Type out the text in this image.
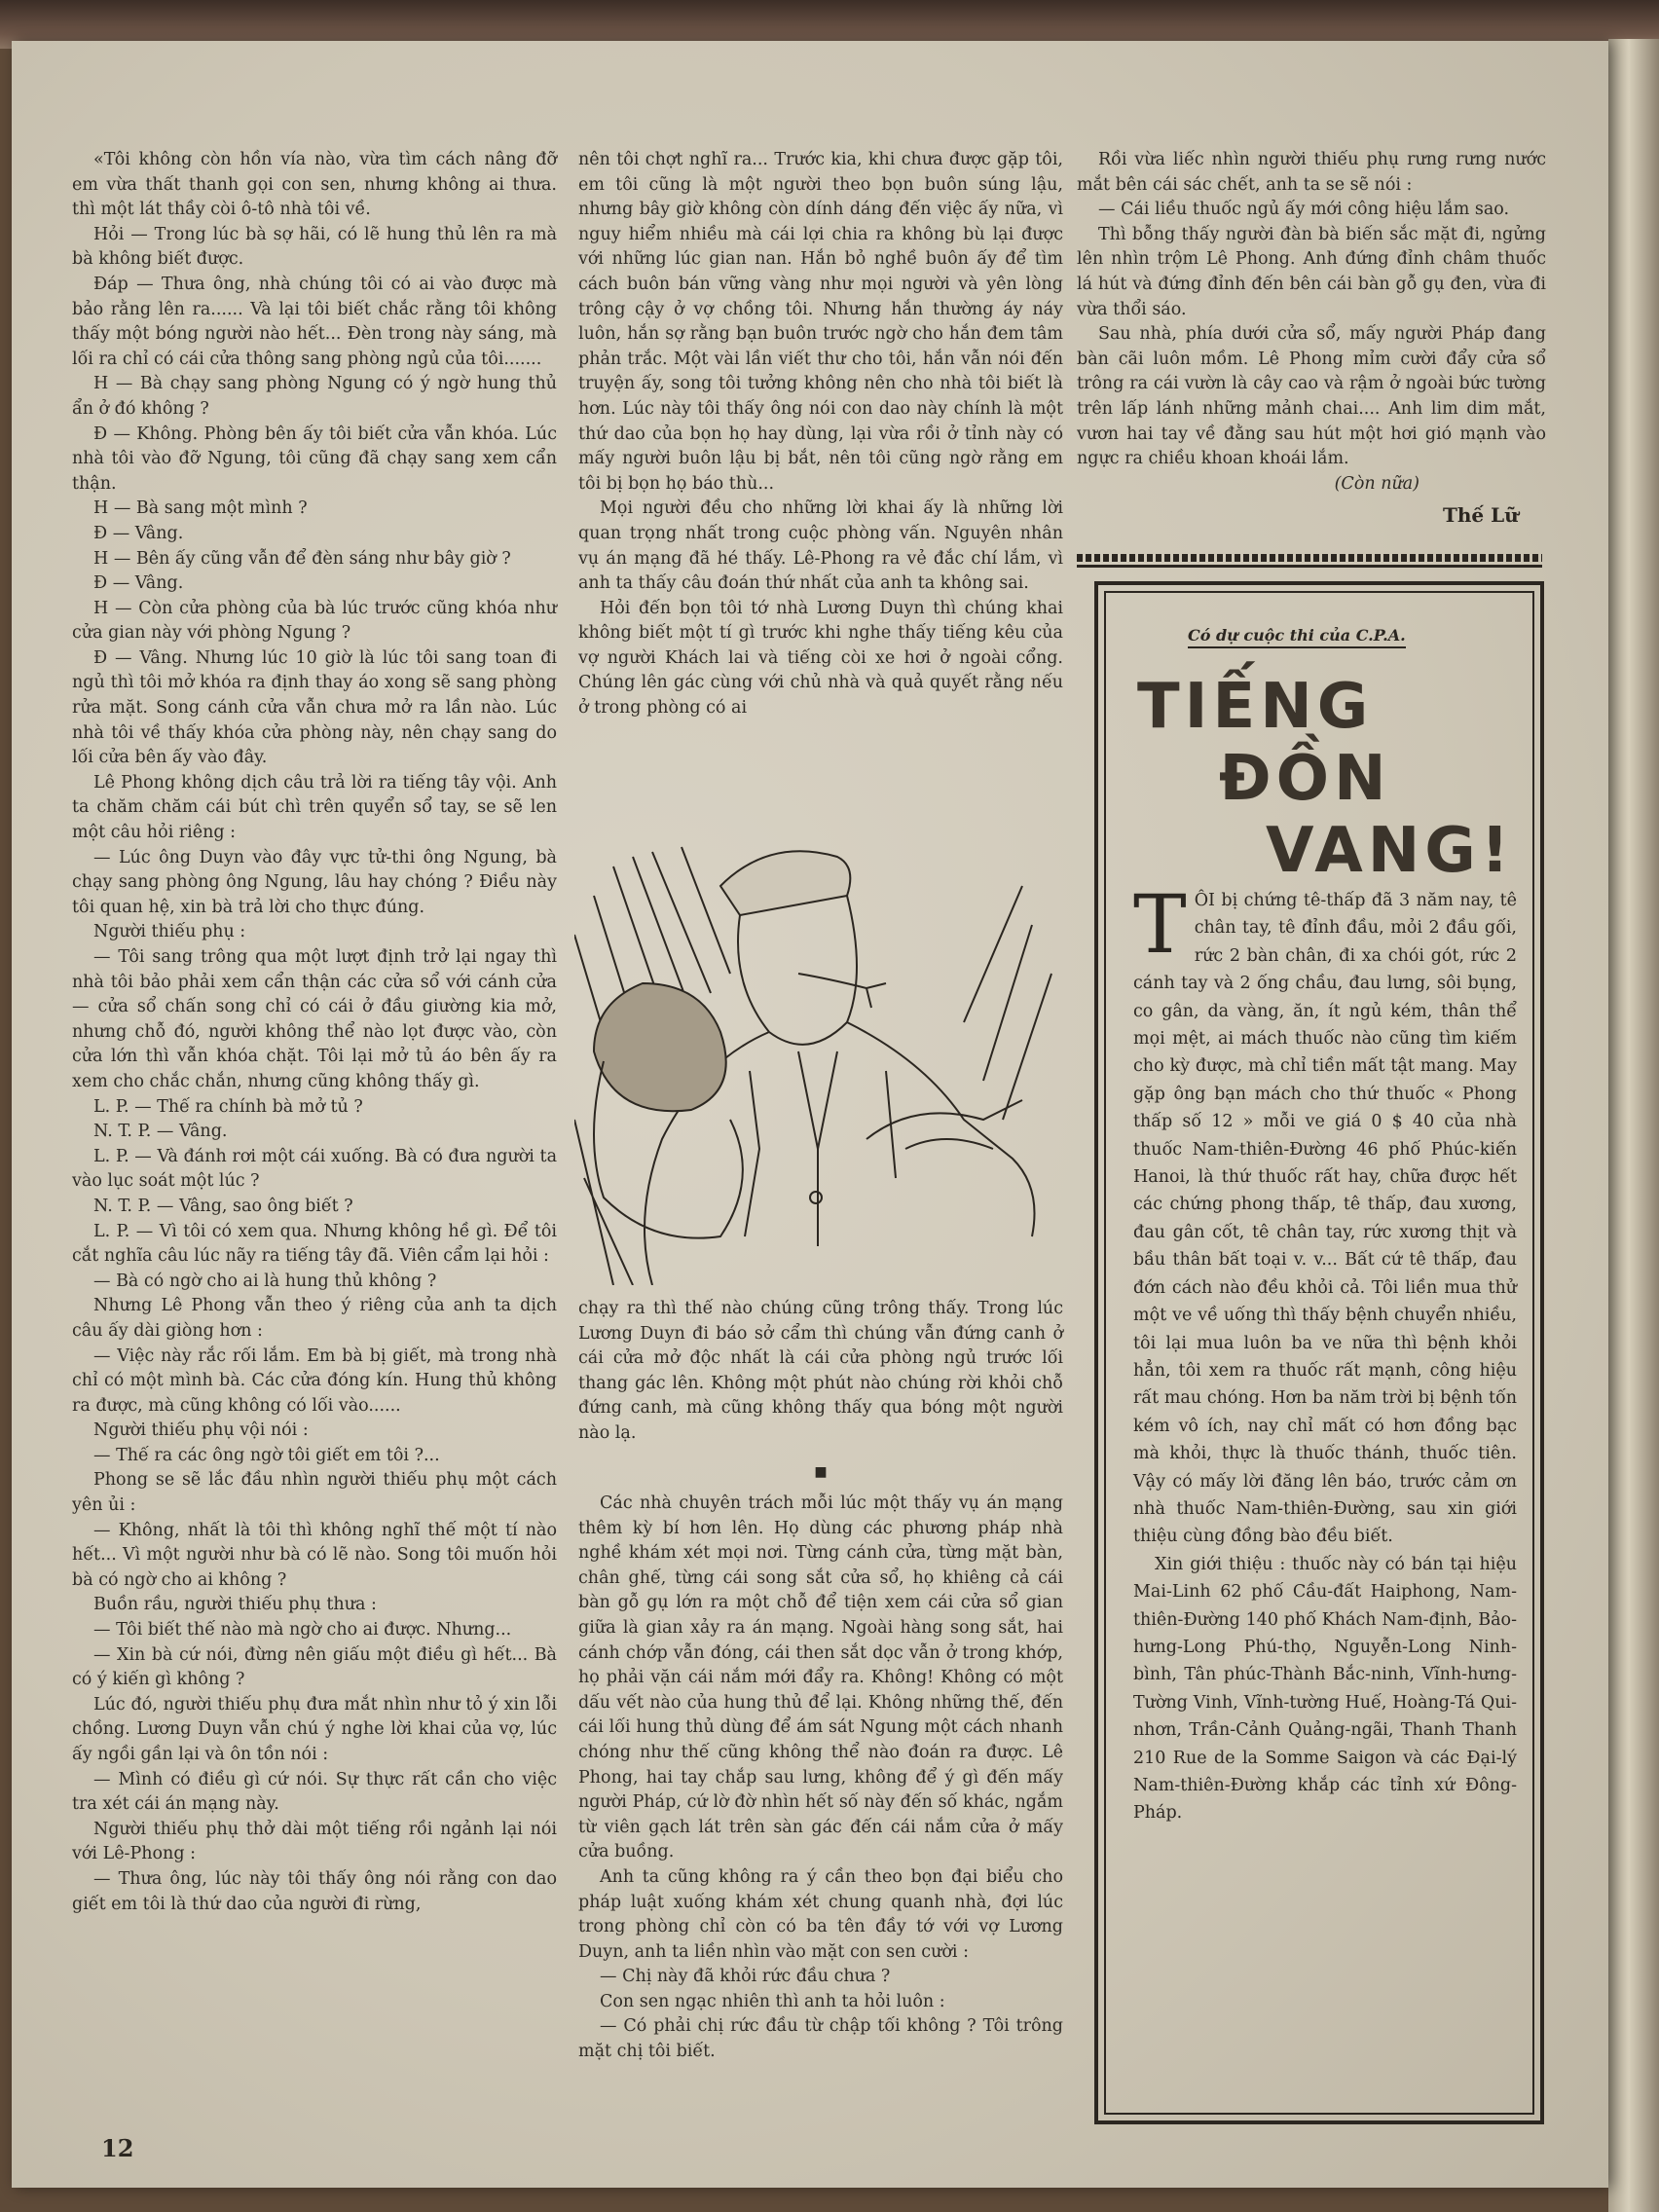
«Tôi không còn hồn vía nào, vừa tìm cách nâng đỡ em vừa thất thanh gọi con sen, nhưng không ai thưa. thì một lát thầy còi ô-tô nhà tôi về.

Hỏi — Trong lúc bà sợ hãi, có lẽ hung thủ lên ra mà bà không biết được.

Đáp — Thưa ông, nhà chúng tôi có ai vào được mà bảo rằng lên ra...... Và lại tôi biết chắc rằng tôi không thấy một bóng người nào hết... Đèn trong này sáng, mà lối ra chỉ có cái cửa thông sang phòng ngủ của tôi.......

H — Bà chạy sang phòng Ngung có ý ngờ hung thủ ẩn ở đó không ?

Đ — Không. Phòng bên ấy tôi biết cửa vẫn khóa. Lúc nhà tôi vào đỡ Ngung, tôi cũng đã chạy sang xem cẩn thận.

H — Bà sang một mình ?

Đ — Vâng.

H — Bên ấy cũng vẫn để đèn sáng như bây giờ ?

Đ — Vâng.

H — Còn cửa phòng của bà lúc trước cũng khóa như cửa gian này với phòng Ngung ?

Đ — Vâng. Nhưng lúc 10 giờ là lúc tôi sang toan đi ngủ thì tôi mở khóa ra định thay áo xong sẽ sang phòng rửa mặt. Song cánh cửa vẫn chưa mở ra lần nào. Lúc nhà tôi về thấy khóa cửa phòng này, nên chạy sang do lối cửa bên ấy vào đây.

Lê Phong không dịch câu trả lời ra tiếng tây vội. Anh ta chăm chăm cái bút chì trên quyển sổ tay, se sẽ len một câu hỏi riêng :

— Lúc ông Duyn vào đây vực tử-thi ông Ngung, bà chạy sang phòng ông Ngung, lâu hay chóng ? Điều này tôi quan hệ, xin bà trả lời cho thực đúng.

Người thiếu phụ :

— Tôi sang trông qua một lượt định trở lại ngay thì nhà tôi bảo phải xem cẩn thận các cửa sổ với cánh cửa — cửa sổ chấn song chỉ có cái ở đầu giường kia mở, nhưng chỗ đó, người không thể nào lọt được vào, còn cửa lớn thì vẫn khóa chặt. Tôi lại mở tủ áo bên ấy ra xem cho chắc chắn, nhưng cũng không thấy gì.

L. P. — Thế ra chính bà mở tủ ?

N. T. P. — Vâng.

L. P. — Và đánh rơi một cái xuống. Bà có đưa người ta vào lục soát một lúc ?

N. T. P. — Vâng, sao ông biết ?

L. P. — Vì tôi có xem qua. Nhưng không hề gì. Để tôi cắt nghĩa câu lúc nãy ra tiếng tây đã. Viên cẩm lại hỏi :

— Bà có ngờ cho ai là hung thủ không ?

Nhưng Lê Phong vẫn theo ý riêng của anh ta dịch câu ấy dài giòng hơn :

— Việc này rắc rối lắm. Em bà bị giết, mà trong nhà chỉ có một mình bà. Các cửa đóng kín. Hung thủ không ra được, mà cũng không có lối vào......

Người thiếu phụ vội nói :

— Thế ra các ông ngờ tôi giết em tôi ?...

Phong se sẽ lắc đầu nhìn người thiếu phụ một cách yên ủi :

— Không, nhất là tôi thì không nghĩ thế một tí nào hết... Vì một người như bà có lẽ nào. Song tôi muốn hỏi bà có ngờ cho ai không ?

Buồn rầu, người thiếu phụ thưa :

— Tôi biết thế nào mà ngờ cho ai được. Nhưng...

— Xin bà cứ nói, đừng nên giấu một điều gì hết... Bà có ý kiến gì không ?

Lúc đó, người thiếu phụ đưa mắt nhìn như tỏ ý xin lỗi chồng. Lương Duyn vẫn chú ý nghe lời khai của vợ, lúc ấy ngồi gần lại và ôn tồn nói :

— Mình có điều gì cứ nói. Sự thực rất cần cho việc tra xét cái án mạng này.

Người thiếu phụ thở dài một tiếng rồi ngảnh lại nói với Lê-Phong :

— Thưa ông, lúc này tôi thấy ông nói rằng con dao giết em tôi là thứ dao của người đi rừng,

nên tôi chợt nghĩ ra... Trước kia, khi chưa được gặp tôi, em tôi cũng là một người theo bọn buôn súng lậu, nhưng bây giờ không còn dính dáng đến việc ấy nữa, vì nguy hiểm nhiều mà cái lợi chia ra không bù lại được với những lúc gian nan. Hắn bỏ nghề buôn ấy để tìm cách buôn bán vững vàng như mọi người và yên lòng trông cậy ở vợ chồng tôi. Nhưng hắn thường áy náy luôn, hắn sợ rằng bạn buôn trước ngờ cho hắn đem tâm phản trắc. Một vài lần viết thư cho tôi, hắn vẫn nói đến truyện ấy, song tôi tưởng không nên cho nhà tôi biết là hơn. Lúc này tôi thấy ông nói con dao này chính là một thứ dao của bọn họ hay dùng, lại vừa rồi ở tỉnh này có mấy người buôn lậu bị bắt, nên tôi cũng ngờ rằng em tôi bị bọn họ báo thù...

Mọi người đều cho những lời khai ấy là những lời quan trọng nhất trong cuộc phòng vấn. Nguyên nhân vụ án mạng đã hé thấy. Lê-Phong ra vẻ đắc chí lắm, vì anh ta thấy câu đoán thứ nhất của anh ta không sai.

Hỏi đến bọn tôi tớ nhà Lương Duyn thì chúng khai không biết một tí gì trước khi nghe thấy tiếng kêu của vợ người Khách lai và tiếng còi xe hơi ở ngoài cổng. Chúng lên gác cùng với chủ nhà và quả quyết rằng nếu ở trong phòng có ai

chạy ra thì thế nào chúng cũng trông thấy. Trong lúc Lương Duyn đi báo sở cẩm thì chúng vẫn đứng canh ở cái cửa mở độc nhất là cái cửa phòng ngủ trước lối thang gác lên. Không một phút nào chúng rời khỏi chỗ đứng canh, mà cũng không thấy qua bóng một người nào lạ.

■

Các nhà chuyên trách mỗi lúc một thấy vụ án mạng thêm kỳ bí hơn lên. Họ dùng các phương pháp nhà nghề khám xét mọi nơi. Từng cánh cửa, từng mặt bàn, chân ghế, từng cái song sắt cửa sổ, họ khiêng cả cái bàn gỗ gụ lớn ra một chỗ để tiện xem cái cửa sổ gian giữa là gian xảy ra án mạng. Ngoài hàng song sắt, hai cánh chớp vẫn đóng, cái then sắt dọc vẫn ở trong khớp, họ phải vặn cái nắm mới đẩy ra. Không! Không có một dấu vết nào của hung thủ để lại. Không những thế, đến cái lối hung thủ dùng để ám sát Ngung một cách nhanh chóng như thế cũng không thể nào đoán ra được. Lê Phong, hai tay chắp sau lưng, không để ý gì đến mấy người Pháp, cứ lờ đờ nhìn hết số này đến số khác, ngắm từ viên gạch lát trên sàn gác đến cái nắm cửa ở mấy cửa buồng.

Anh ta cũng không ra ý cần theo bọn đại biểu cho pháp luật xuống khám xét chung quanh nhà, đợi lúc trong phòng chỉ còn có ba tên đầy tớ với vợ Lương Duyn, anh ta liền nhìn vào mặt con sen cười :

— Chị này đã khỏi rức đầu chưa ?

Con sen ngạc nhiên thì anh ta hỏi luôn :

— Có phải chị rức đầu từ chập tối không ? Tôi trông mặt chị tôi biết.

Rồi vừa liếc nhìn người thiếu phụ rưng rưng nước mắt bên cái sác chết, anh ta se sẽ nói :

— Cái liều thuốc ngủ ấy mới công hiệu lắm sao.

Thì bỗng thấy người đàn bà biến sắc mặt đi, ngửng lên nhìn trộm Lê Phong. Anh đứng đỉnh châm thuốc lá hút và đứng đỉnh đến bên cái bàn gỗ gụ đen, vừa đi vừa thổi sáo.

Sau nhà, phía dưới cửa sổ, mấy người Pháp đang bàn cãi luôn mồm. Lê Phong mỉm cười đẩy cửa sổ trông ra cái vườn là cây cao và rậm ở ngoài bức tường trên lấp lánh những mảnh chai.... Anh lim dim mắt, vươn hai tay về đằng sau hút một hơi gió mạnh vào ngực ra chiều khoan khoái lắm.

(Còn nữa)

Thế Lữ
Có dự cuộc thi của C.P.A.
TIẾNG
ĐỒN
VANG!
T ÔI bị chứng tê-thấp đã 3 năm nay, tê chân tay, tê đỉnh đầu, mỏi 2 đầu gối, rức 2 bàn chân, đi xa chói gót, rức 2 cánh tay và 2 ống chầu, đau lưng, sôi bụng, co gân, da vàng, ăn, ít ngủ kém, thân thể mọi mệt, ai mách thuốc nào cũng tìm kiếm cho kỳ được, mà chỉ tiền mất tật mang. May gặp ông bạn mách cho thứ thuốc « Phong thấp số 12 » mỗi ve giá 0 $ 40 của nhà thuốc Nam-thiên-Đường 46 phố Phúc-kiến Hanoi, là thứ thuốc rất hay, chữa được hết các chứng phong thấp, tê thấp, đau xương, đau gân cốt, tê chân tay, rức xương thịt và bầu thân bất toại v. v... Bất cứ tê thấp, đau đớn cách nào đều khỏi cả. Tôi liền mua thử một ve về uống thì thấy bệnh chuyển nhiều, tôi lại mua luôn ba ve nữa thì bệnh khỏi hẳn, tôi xem ra thuốc rất mạnh, công hiệu rất mau chóng. Hơn ba năm trời bị bệnh tốn kém vô ích, nay chỉ mất có hơn đồng bạc mà khỏi, thực là thuốc thánh, thuốc tiên. Vậy có mấy lời đăng lên báo, trước cảm ơn nhà thuốc Nam-thiên-Đường, sau xin giới thiệu cùng đồng bào đều biết.

Xin giới thiệu : thuốc này có bán tại hiệu Mai-Linh 62 phố Cầu-đất Haiphong, Nam-thiên-Đường 140 phố Khách Nam-định, Bảo-hưng-Long Phú-thọ, Nguyễn-Long Ninh-bình, Tân phúc-Thành Bắc-ninh, Vĩnh-hưng-Tường Vinh, Vĩnh-tường Huế, Hoàng-Tá Qui-nhơn, Trần-Cảnh Quảng-ngãi, Thanh Thanh 210 Rue de la Somme Saigon và các Đại-lý Nam-thiên-Đường khắp các tỉnh xứ Đông-Pháp.

12
